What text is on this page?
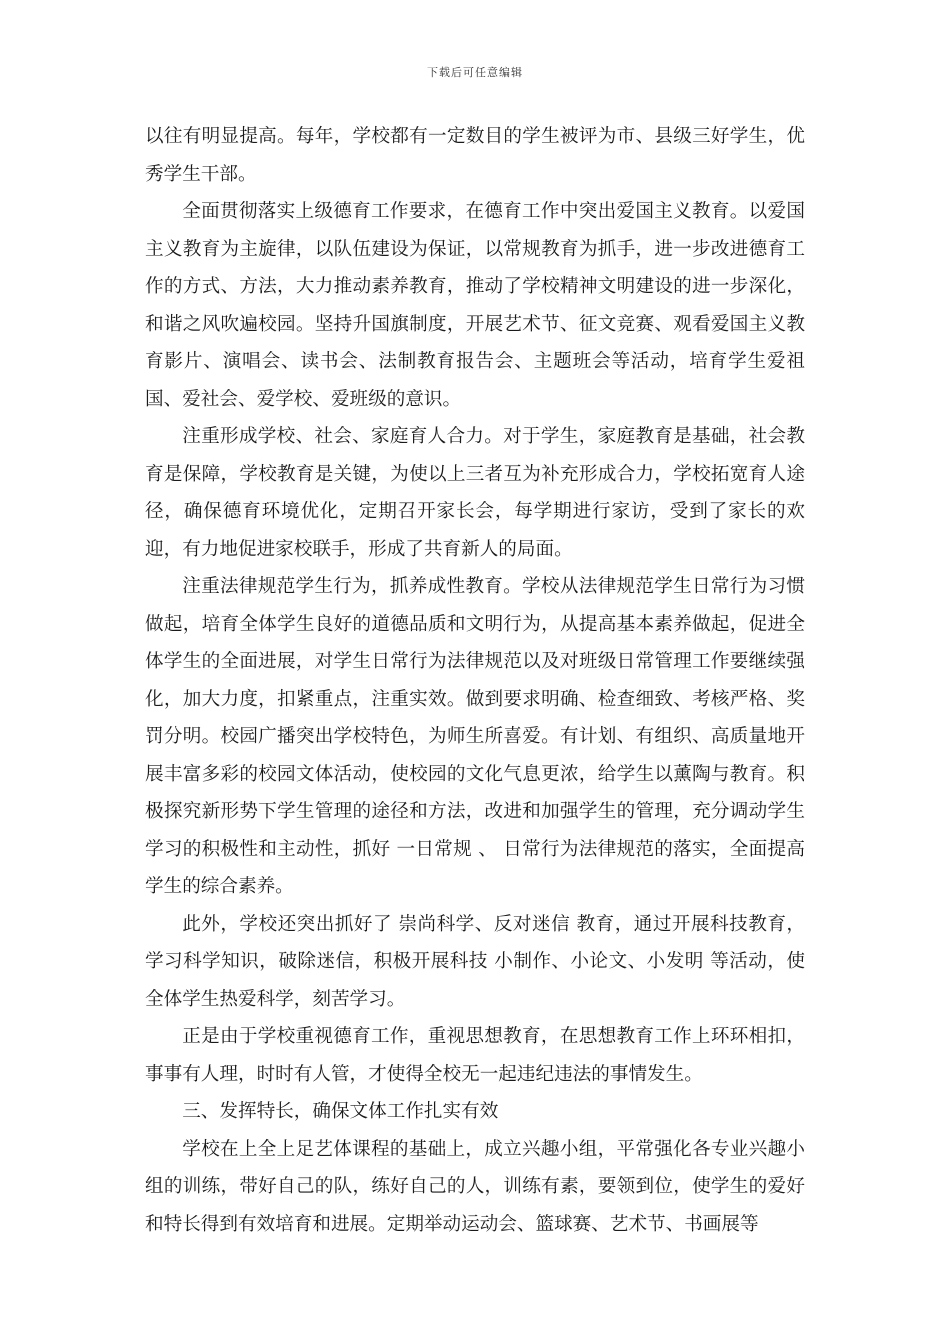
下载后可任意编辑

以往有明显提高。每年，学校都有一定数目的学生被评为市、县级三好学生，优秀学生干部。

全面贯彻落实上级德育工作要求，在德育工作中突出爱国主义教育。以爱国主义教育为主旋律，以队伍建设为保证，以常规教育为抓手，进一步改进德育工作的方式、方法，大力推动素养教育，推动了学校精神文明建设的进一步深化，和谐之风吹遍校园。坚持升国旗制度，开展艺术节、征文竞赛、观看爱国主义教育影片、演唱会、读书会、法制教育报告会、主题班会等活动，培育学生爱祖国、爱社会、爱学校、爱班级的意识。

注重形成学校、社会、家庭育人合力。对于学生，家庭教育是基础，社会教育是保障，学校教育是关键，为使以上三者互为补充形成合力，学校拓宽育人途径，确保德育环境优化，定期召开家长会，每学期进行家访，受到了家长的欢迎，有力地促进家校联手，形成了共育新人的局面。

注重法律规范学生行为，抓养成性教育。学校从法律规范学生日常行为习惯做起，培育全体学生良好的道德品质和文明行为，从提高基本素养做起，促进全体学生的全面进展，对学生日常行为法律规范以及对班级日常管理工作要继续强化，加大力度，扣紧重点，注重实效。做到要求明确、检查细致、考核严格、奖罚分明。校园广播突出学校特色，为师生所喜爱。有计划、有组织、高质量地开展丰富多彩的校园文体活动，使校园的文化气息更浓，给学生以薰陶与教育。积极探究新形势下学生管理的途径和方法，改进和加强学生的管理，充分调动学生学习的积极性和主动性，抓好 一日常规 、 日常行为法律规范的落实，全面提高学生的综合素养。

此外，学校还突出抓好了 崇尚科学、反对迷信 教育，通过开展科技教育，学习科学知识，破除迷信，积极开展科技 小制作、小论文、小发明 等活动，使全体学生热爱科学，刻苦学习。

正是由于学校重视德育工作，重视思想教育，在思想教育工作上环环相扣，事事有人理，时时有人管，才使得全校无一起违纪违法的事情发生。

三、发挥特长，确保文体工作扎实有效

学校在上全上足艺体课程的基础上，成立兴趣小组，平常强化各专业兴趣小组的训练，带好自己的队，练好自己的人，训练有素，要领到位，使学生的爱好和特长得到有效培育和进展。定期举动运动会、篮球赛、艺术节、书画展等
